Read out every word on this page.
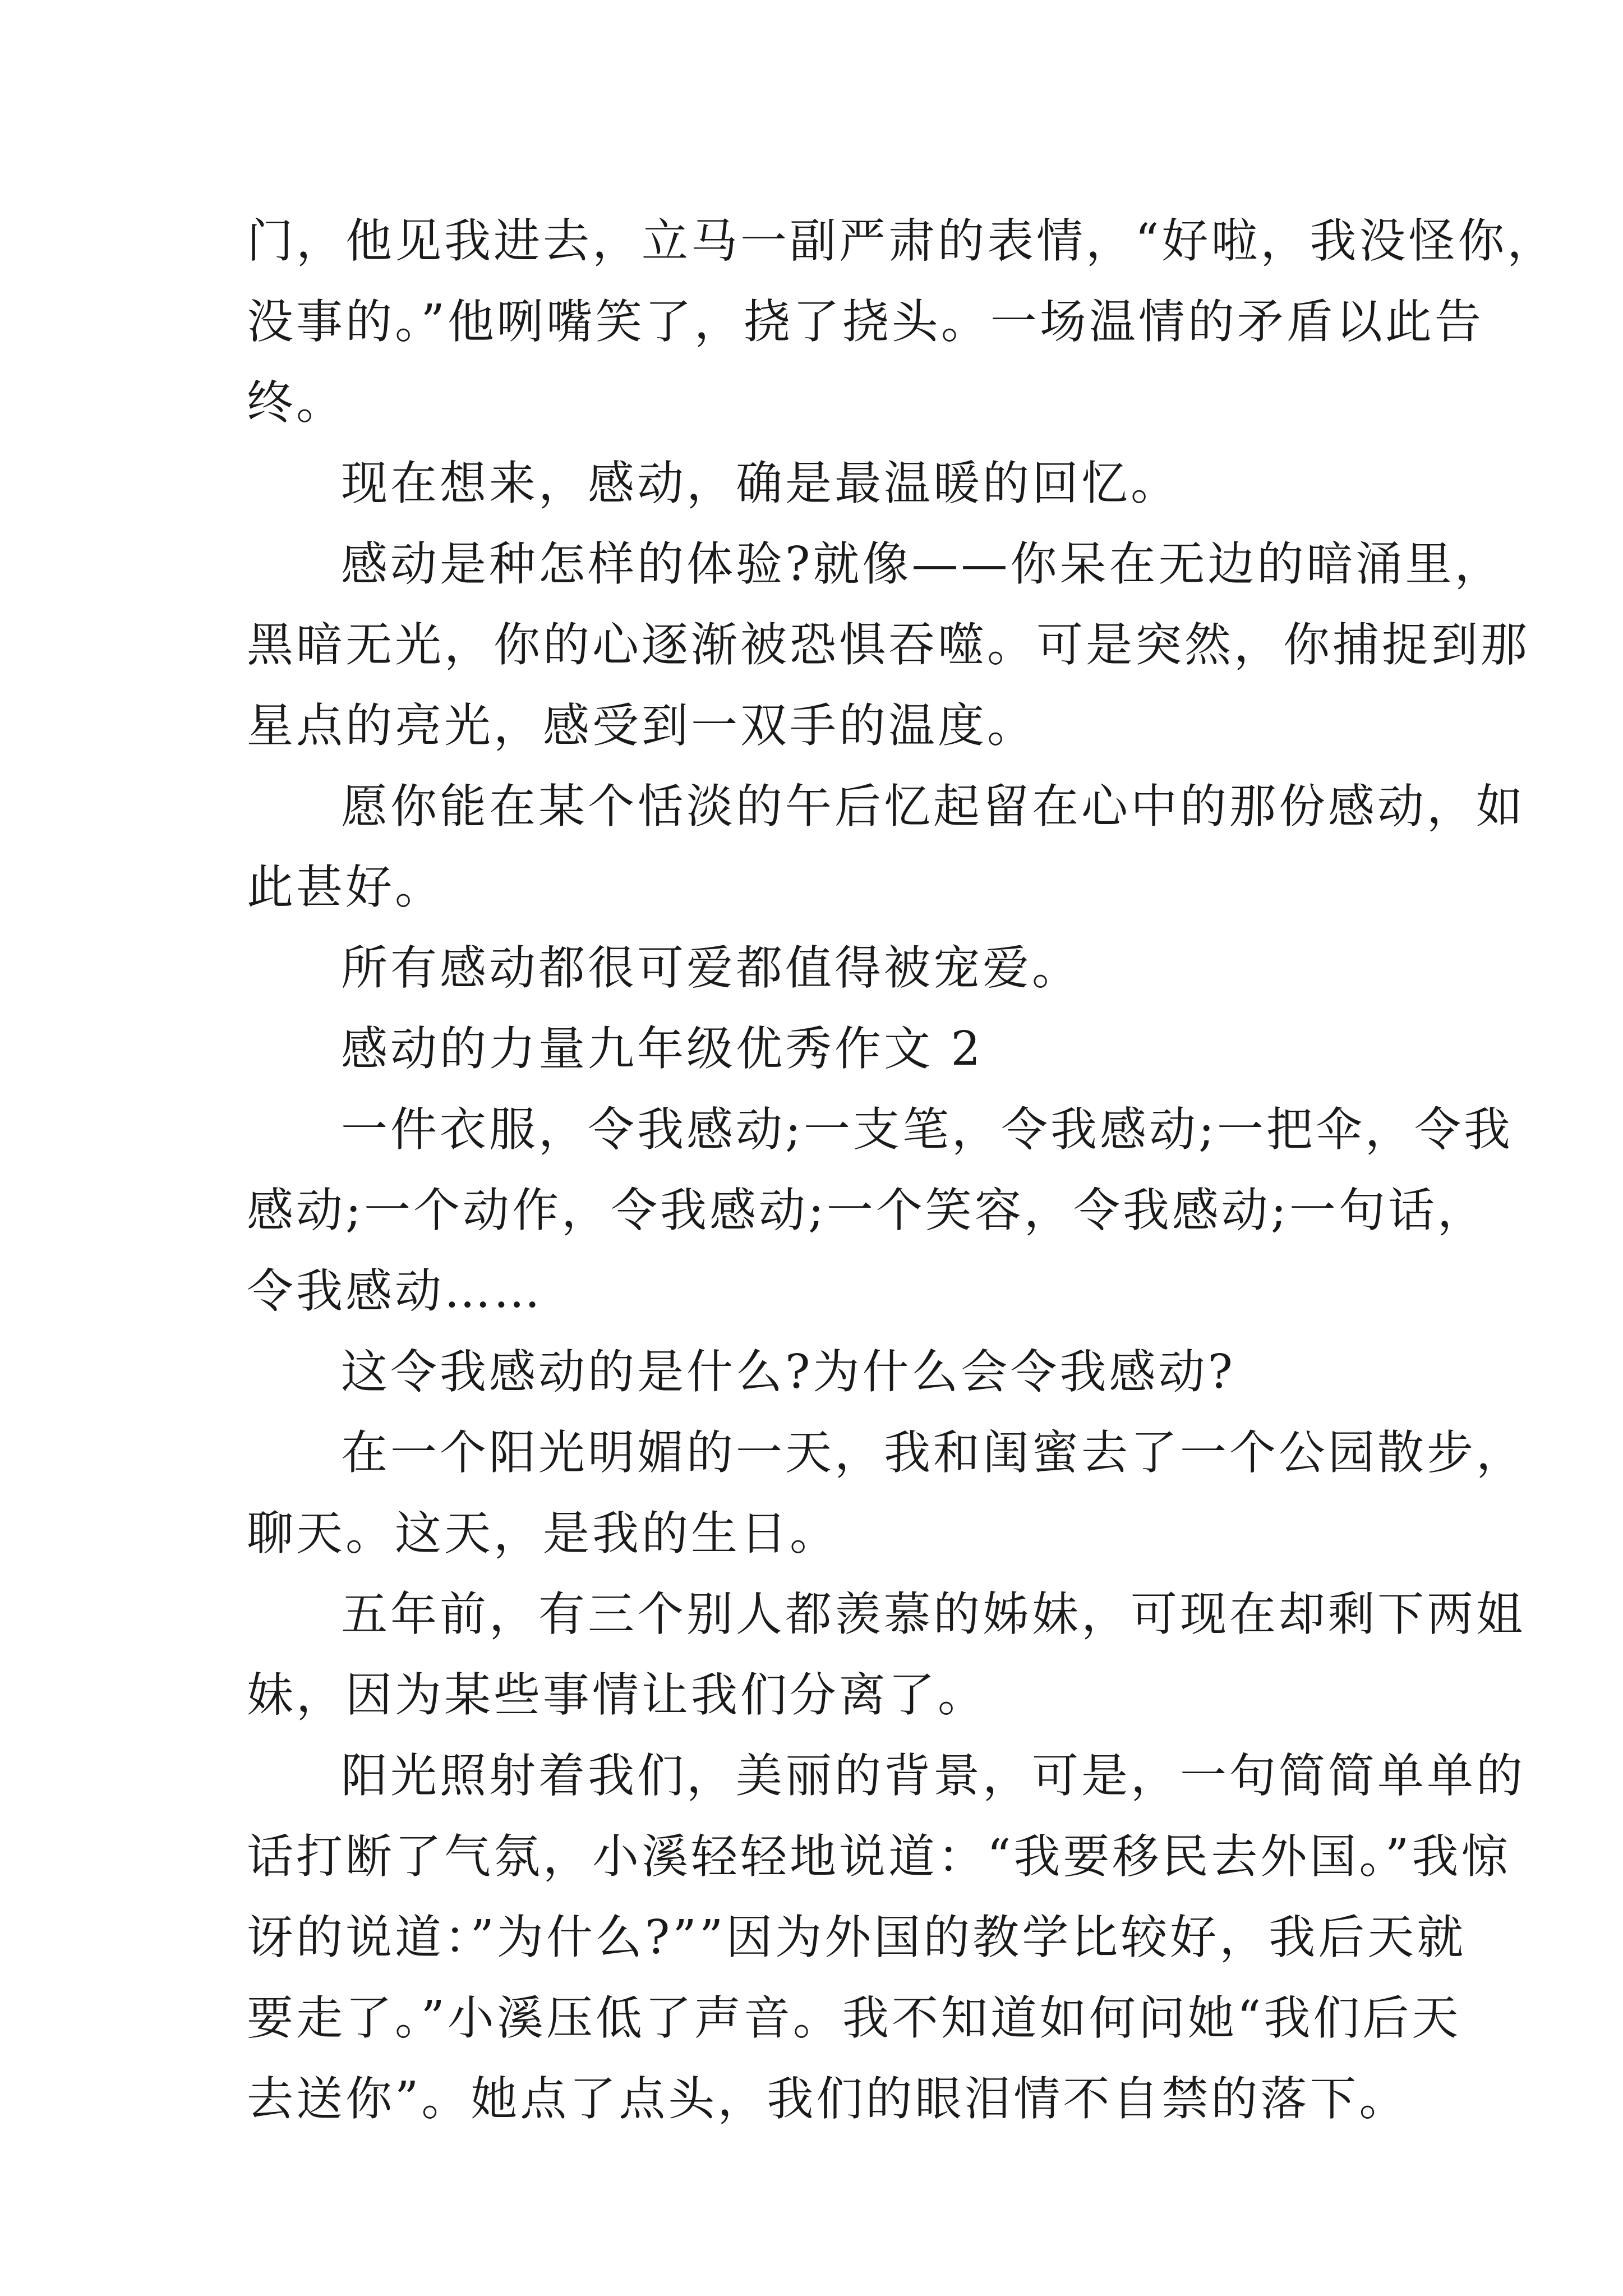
门，他见我进去，立马一副严肃的表情，“好啦，我没怪你，
没事的。”他咧嘴笑了，挠了挠头。一场温情的矛盾以此告
终。

现在想来，感动，确是最温暖的回忆。

感动是种怎样的体验?就像——你呆在无边的暗涌里，
黑暗无光，你的心逐渐被恐惧吞噬。可是突然，你捕捉到那
星点的亮光，感受到一双手的温度。

愿你能在某个恬淡的午后忆起留在心中的那份感动，如
此甚好。

所有感动都很可爱都值得被宠爱。

感动的力量九年级优秀作文 2

一件衣服，令我感动;一支笔，令我感动;一把伞，令我
感动;一个动作，令我感动;一个笑容，令我感动;一句话，
令我感动……

这令我感动的是什么?为什么会令我感动?

在一个阳光明媚的一天，我和闺蜜去了一个公园散步，
聊天。这天，是我的生日。

五年前，有三个别人都羡慕的姊妹，可现在却剩下两姐
妹，因为某些事情让我们分离了。

阳光照射着我们，美丽的背景，可是，一句简简单单的
话打断了气氛，小溪轻轻地说道：“我要移民去外国。”我惊
讶的说道：”为什么?””因为外国的教学比较好，我后天就
要走了。”小溪压低了声音。我不知道如何问她“我们后天
去送你”。她点了点头，我们的眼泪情不自禁的落下。
